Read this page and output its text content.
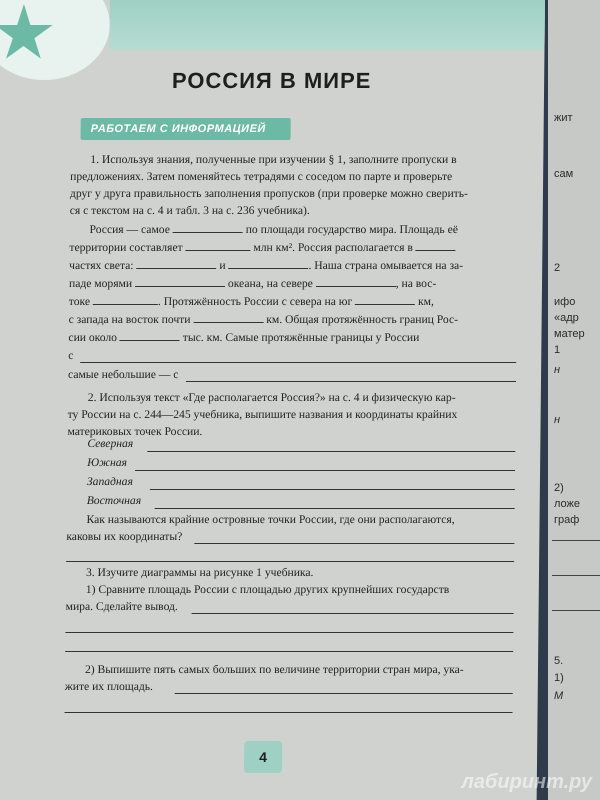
РОССИЯ В МИРЕ
РАБОТАЕМ С ИНФОРМАЦИЕЙ
1. Используя знания, полученные при изучении § 1, заполните пропуски в
предложениях. Затем поменяйтесь тетрадями с соседом по парте и проверьте
друг у друга правильность заполнения пропусков (при проверке можно сверить-
ся с текстом на с. 4 и табл. 3 на с. 236 учебника).
Россия — самое	по площади государство мира. Площадь её
территории составляет	млн км². Россия располагается в
частях света:	и	. Наша страна омывается на за-
паде морями	океана, на севере	, на вос-
токе	. Протяжённость России с севера на юг	км,
с запада на восток почти	км. Общая протяжённость границ Рос-
сии около	тыс. км. Самые протяжённые границы у России
с
самые небольшие — с
2. Используя текст «Где располагается Россия?» на с. 4 и физическую кар-
ту России на с. 244—245 учебника, выпишите названия и координаты крайних
материковых точек России.
Северная
Южная
Западная
Восточная
Как называются крайние островные точки России, где они располагаются,
каковы их координаты?
3. Изучите диаграммы на рисунке 1 учебника.
1) Сравните площадь России с площадью других крупнейших государств
мира. Сделайте вывод.
2) Выпишите пять самых больших по величине территории стран мира, ука-
жите их площадь.
4
жит
сам
2
ифо
«адр
матер
1
н
н
2)
ложе
граф
5.
1)
М
лабиринт.ру
